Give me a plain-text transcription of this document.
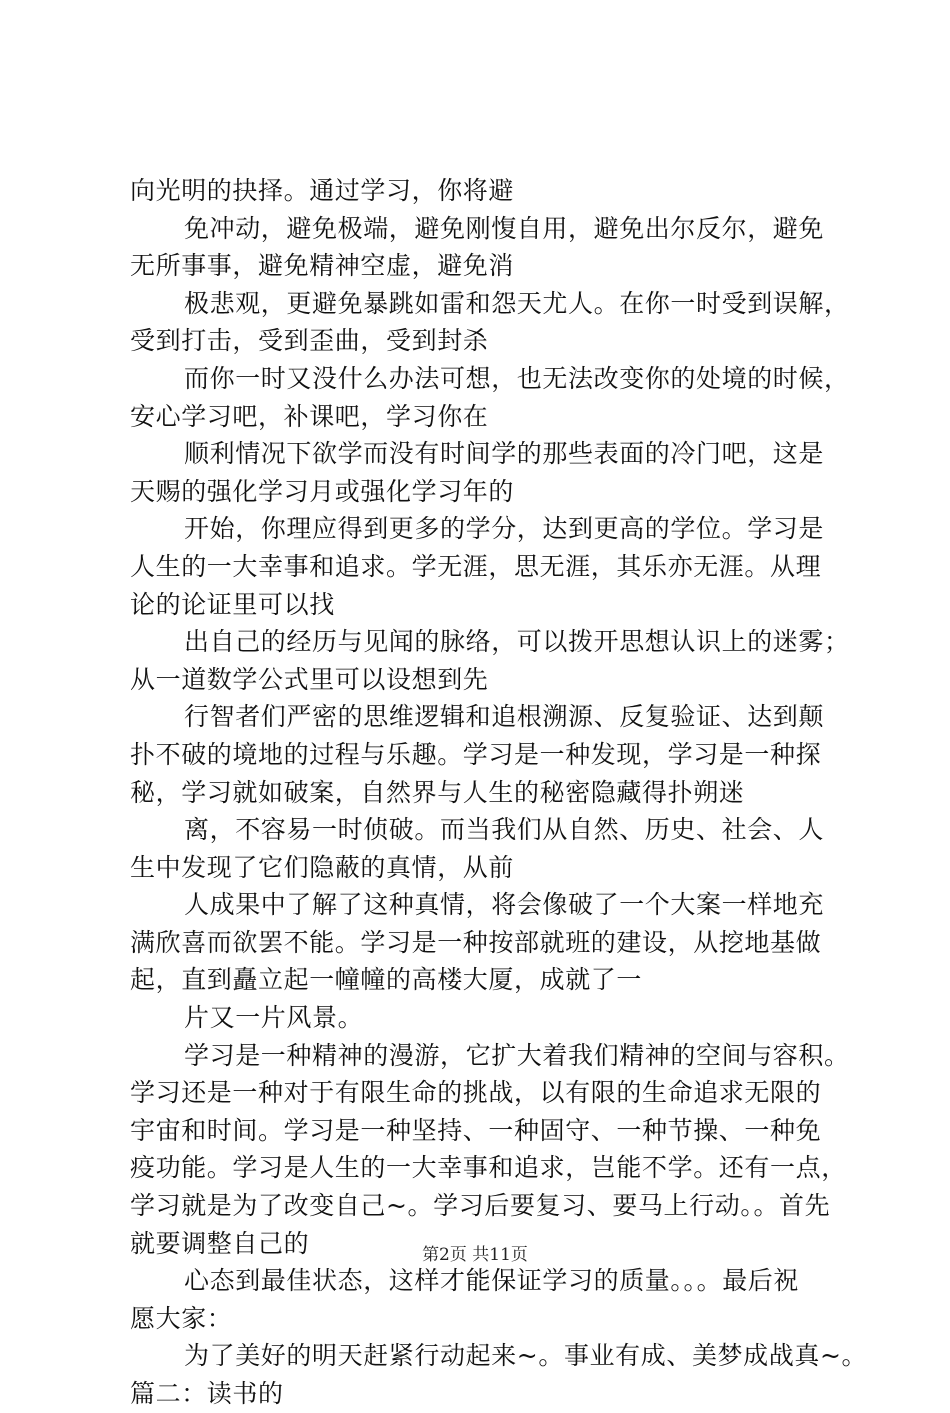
向光明的抉择。通过学习，你将避
免冲动，避免极端，避免刚愎自用，避免出尔反尔，避免
无所事事，避免精神空虚，避免消
极悲观，更避免暴跳如雷和怨天尤人。在你一时受到误解，
受到打击，受到歪曲，受到封杀
而你一时又没什么办法可想，也无法改变你的处境的时候，
安心学习吧，补课吧，学习你在
顺利情况下欲学而没有时间学的那些表面的冷门吧，这是
天赐的强化学习月或强化学习年的
开始，你理应得到更多的学分，达到更高的学位。学习是
人生的一大幸事和追求。学无涯，思无涯，其乐亦无涯。从理
论的论证里可以找
出自己的经历与见闻的脉络，可以拨开思想认识上的迷雾；
从一道数学公式里可以设想到先
行智者们严密的思维逻辑和追根溯源、反复验证、达到颠
扑不破的境地的过程与乐趣。学习是一种发现，学习是一种探
秘，学习就如破案，自然界与人生的秘密隐藏得扑朔迷
离，不容易一时侦破。而当我们从自然、历史、社会、人
生中发现了它们隐蔽的真情，从前
人成果中了解了这种真情，将会像破了一个大案一样地充
满欣喜而欲罢不能。学习是一种按部就班的建设，从挖地基做
起，直到矗立起一幢幢的高楼大厦，成就了一
片又一片风景。
学习是一种精神的漫游，它扩大着我们精神的空间与容积。
学习还是一种对于有限生命的挑战，以有限的生命追求无限的
宇宙和时间。学习是一种坚持、一种固守、一种节操、一种免
疫功能。学习是人生的一大幸事和追求，岂能不学。还有一点，
学习就是为了改变自己~。学习后要复习、要马上行动。。首先
就要调整自己的
心态到最佳状态，这样才能保证学习的质量。。。最后祝
愿大家：
为了美好的明天赶紧行动起来~。事业有成、美梦成战真~。
篇二：读书的
第2页 共11页
